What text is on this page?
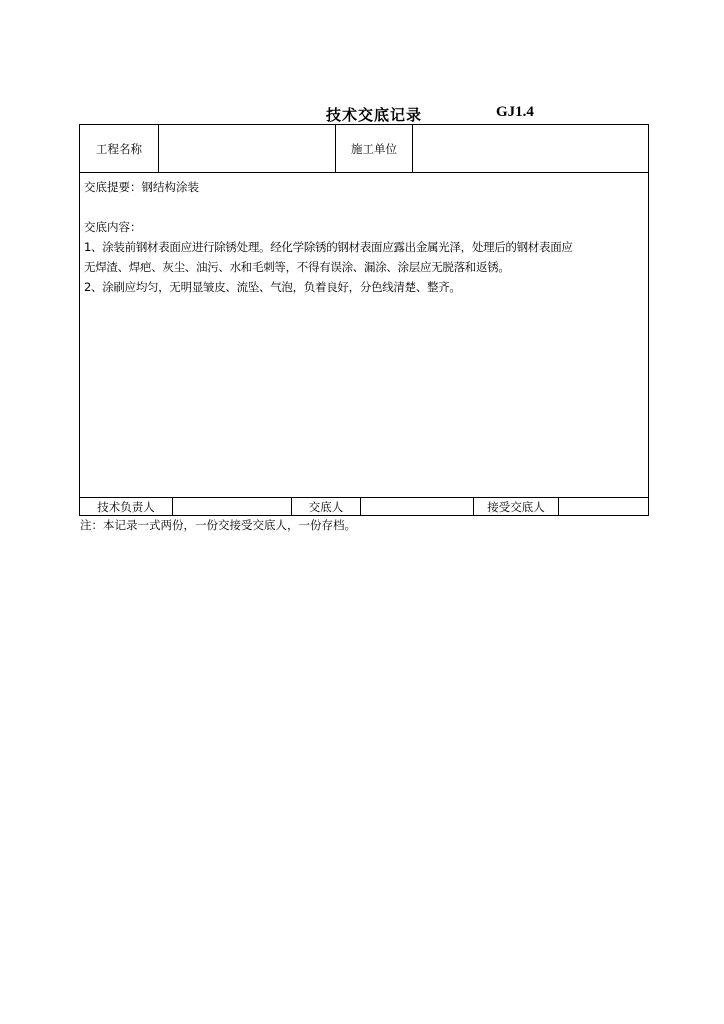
技术交底记录	GJ1.4
工程名称	施工单位

交底提要：钢结构涂装

交底内容：

1、涂装前钢材表面应进行除锈处理。经化学除锈的钢材表面应露出金属光泽，处理后的钢材表面应

无焊渣、焊疤、灰尘、油污、水和毛刺等，不得有误涂、漏涂、涂层应无脱落和返锈。

2、涂刷应均匀，无明显皱皮、流坠、气泡，负着良好，分色线清楚、整齐。

技术负责人	交底人	接受交底人
注：本记录一式两份，一份交接受交底人，一份存档。
